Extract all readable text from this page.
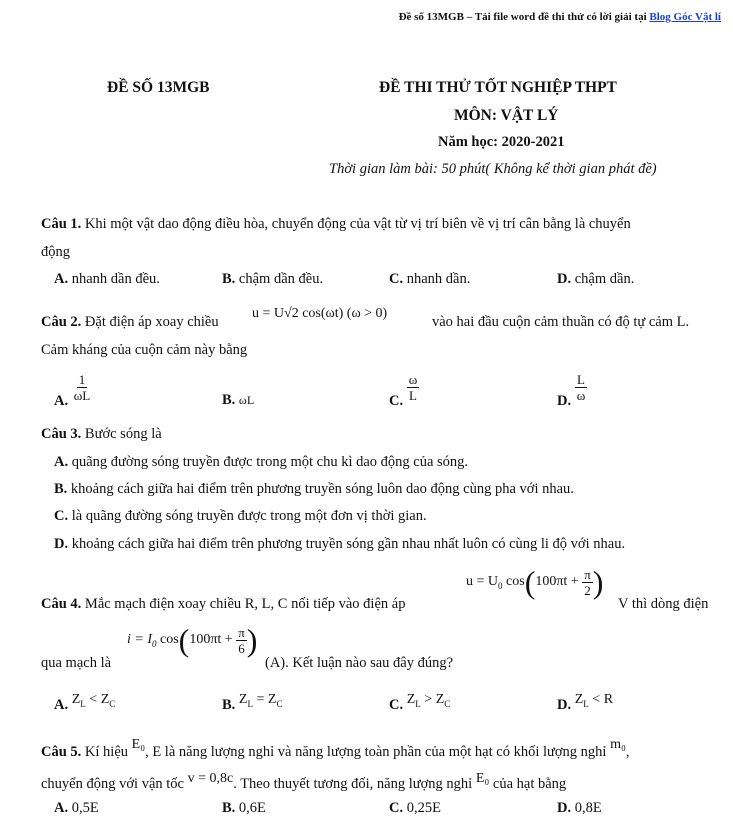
Đề số 13MGB – Tải file word đề thi thử có lời giải tại Blog Góc Vật lí
ĐỀ SỐ 13MGB	ĐỀ THI THỬ TỐT NGHIỆP THPT
MÔN: VẬT LÝ
Năm học: 2020-2021
Thời gian làm bài: 50 phút( Không kể thời gian phát đề)
Câu 1. Khi một vật dao động điều hòa, chuyển động của vật từ vị trí biên về vị trí cân bằng là chuyển
động
A. nhanh dần đều.	B. chậm dần đều.	C. nhanh dần.	D. chậm dần.
Câu 2. Đặt điện áp xoay chiều
u = U√2 cos(ωt) (ω > 0)
vào hai đầu cuộn cảm thuần có độ tự cảm L.
Cảm kháng của cuộn cảm này bằng
A. $\frac{1}{\omega L}$	B. ωL	C. $\frac{\omega}{L}$	D. $\frac{L}{\omega}$
Câu 3. Bước sóng là
A. quãng đường sóng truyền được trong một chu kì dao động của sóng.
B. khoảng cách giữa hai điểm trên phương truyền sóng luôn dao động cùng pha với nhau.
C. là quãng đường sóng truyền được trong một đơn vị thời gian.
D. khoảng cách giữa hai điểm trên phương truyền sóng gần nhau nhất luôn có cùng li độ với nhau.
Câu 4. Mắc mạch điện xoay chiều R, L, C nối tiếp vào điện áp
$u = U_0$ $\cos(100\pi t + \frac{\pi}{2}$ )
V thì dòng điện
qua mạch là
$i = I_0$ $\cos(100\pi t + \frac{\pi}{6}$ )
(A). Kết luận nào sau đây đúng?
A. $Z_L < Z_C$	B. $Z_L = Z_C$	C. $Z_L > Z_C$	D. $Z_L < R$
Câu 5. Kí hiệu E₀, E là năng lượng nghỉ và năng lượng toàn phần của một hạt có khối lượng nghỉ m₀,
chuyển động với vận tốc v = 0,8c. Theo thuyết tương đối, năng lượng nghỉ E₀ của hạt bằng
A. 0,5E	B. 0,6E	C. 0,25E	D. 0,8E
